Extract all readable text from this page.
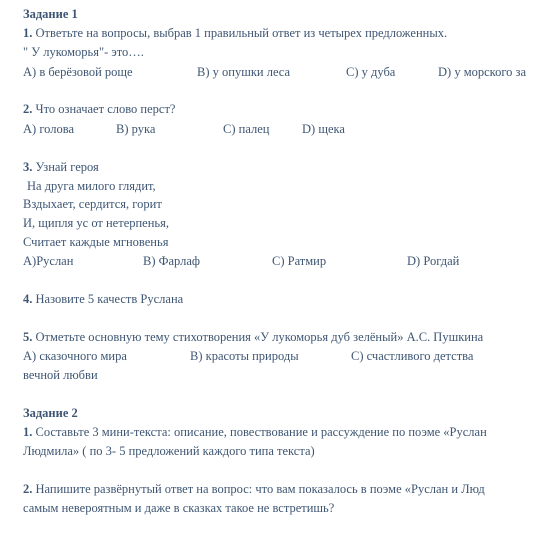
Задание 1
1. Ответьте на вопросы, выбрав 1 правильный ответ из четырех предложенных.
" У лукоморья"- это….
А) в берёзовой роще	В) у опушки леса	С) у дуба	D) у морского за
2. Что означает слово перст?
А) голова	В) рука	С) палец	D) щека
3. Узнай героя
На друга милого глядит,
Вздыхает, сердится, горит
И, щипля ус от нетерпенья,
Считает каждые мгновенья
А)Руслан	В) Фарлаф	С) Ратмир	D) Рогдай
4. Назовите 5 качеств Руслана
5. Отметьте основную тему стихотворения «У лукоморья дуб зелёный» А.С. Пушкина
А) сказочного мира	В) красоты природы	С) счастливого детства
вечной любви
Задание 2
1. Составьте 3 мини-текста: описание, повествование и рассуждение по поэме «Руслан
Людмила» ( по 3- 5 предложений каждого типа текста)
2. Напишите развёрнутый ответ на вопрос: что вам показалось в поэме «Руслан и Люд
самым невероятным и даже в сказках такое не встретишь?
